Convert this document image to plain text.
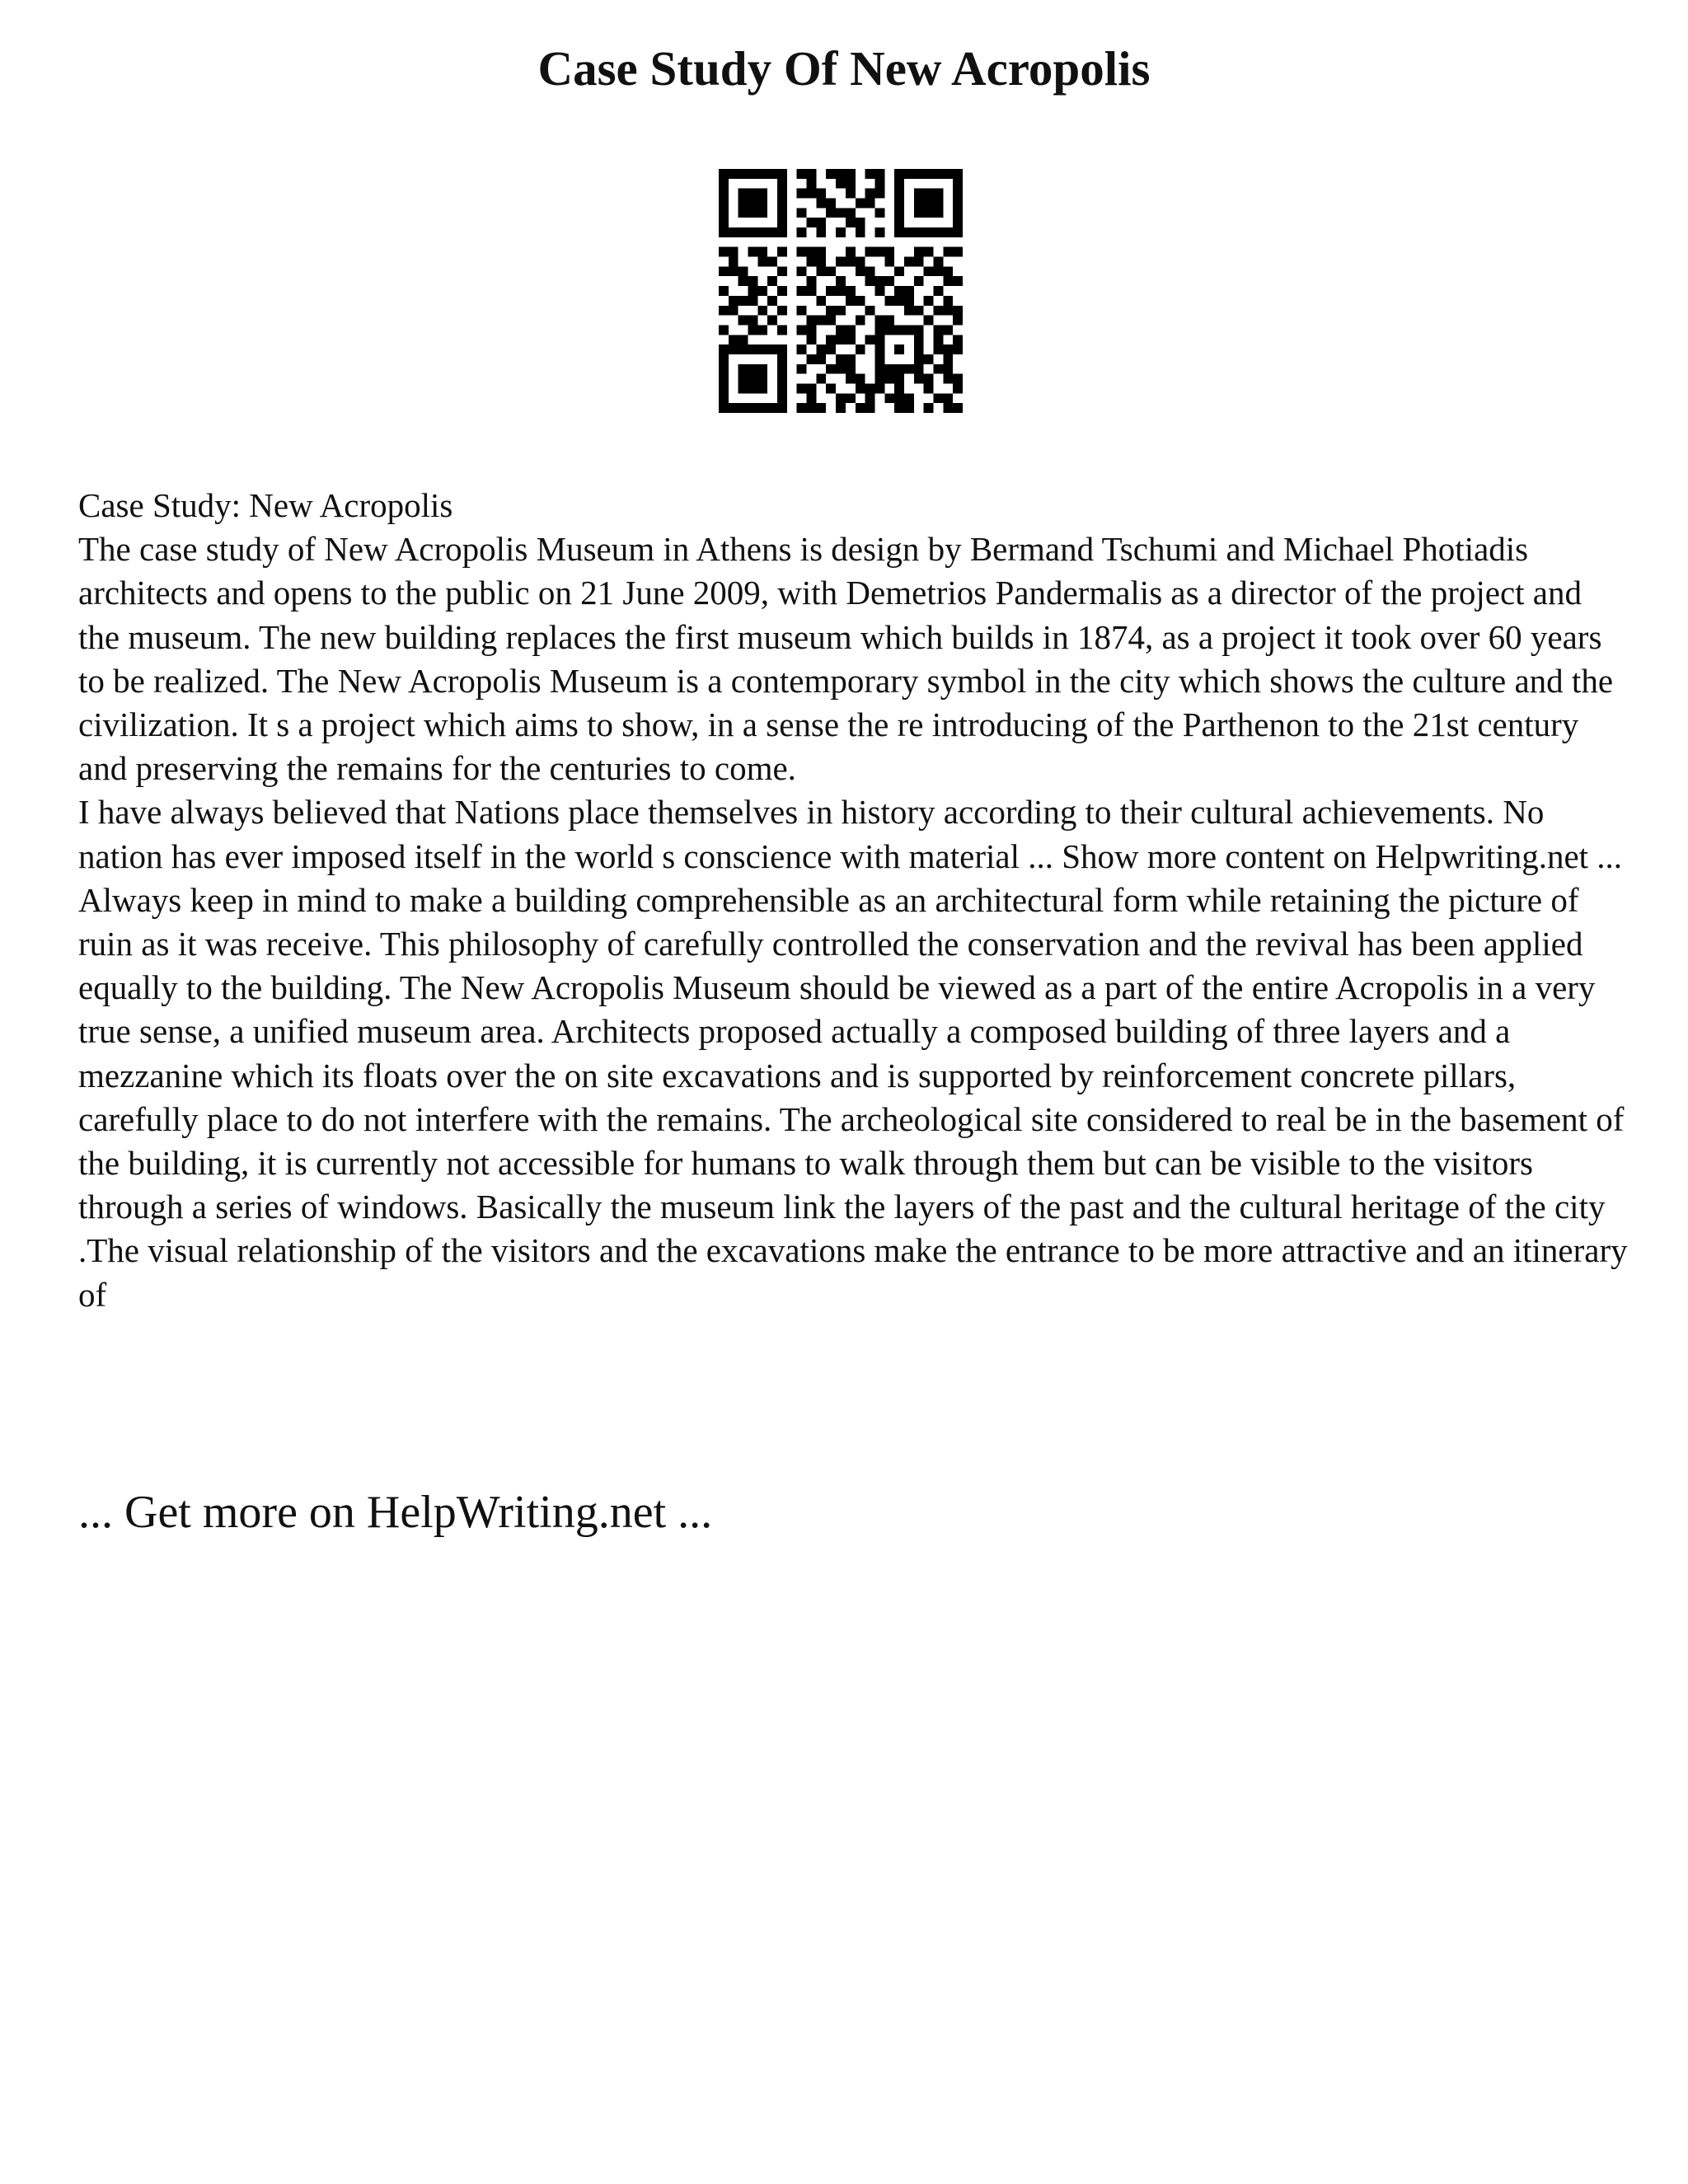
Case Study Of New Acropolis

Case Study: New Acropolis

The case study of New Acropolis Museum in Athens is design by Bermand Tschumi and Michael Photiadis architects and opens to the public on 21 June 2009, with Demetrios Pandermalis as a director of the project and the museum. The new building replaces the first museum which builds in 1874, as a project it took over 60 years to be realized. The New Acropolis Museum is a contemporary symbol in the city which shows the culture and the civilization. It s a project which aims to show, in a sense the re introducing of the Parthenon to the 21st century and preserving the remains for the centuries to come.

I have always believed that Nations place themselves in history according to their cultural achievements. No nation has ever imposed itself in the world s conscience with material ... Show more content on Helpwriting.net ...

Always keep in mind to make a building comprehensible as an architectural form while retaining the picture of ruin as it was receive. This philosophy of carefully controlled the conservation and the revival has been applied equally to the building. The New Acropolis Museum should be viewed as a part of the entire Acropolis in a very true sense, a unified museum area. Architects proposed actually a composed building of three layers and a mezzanine which its floats over the on site excavations and is supported by reinforcement concrete pillars, carefully place to do not interfere with the remains. The archeological site considered to real be in the basement of the building, it is currently not accessible for humans to walk through them but can be visible to the visitors through a series of windows. Basically the museum link the layers of the past and the cultural heritage of the city .The visual relationship of the visitors and the excavations make the entrance to be more attractive and an itinerary of

... Get more on HelpWriting.net ...
